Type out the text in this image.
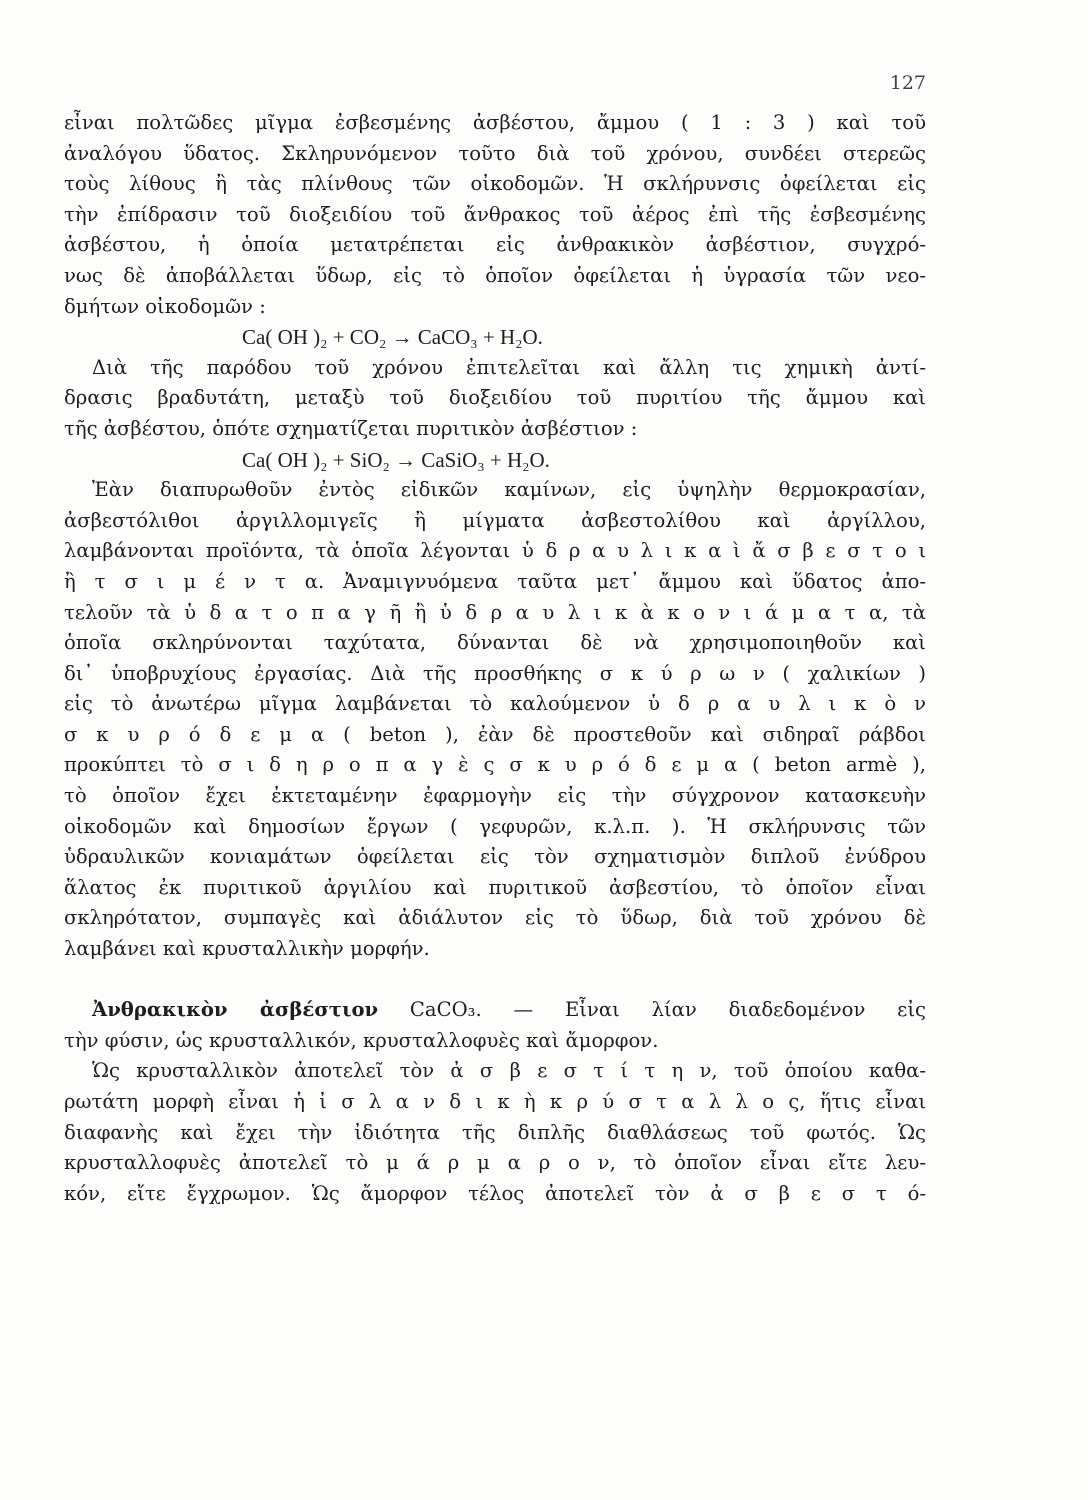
127
εἶναι πολτῶδες μῖγμα ἐσβεσμένης ἀσβέστου, ἄμμου ( 1 : 3 ) καὶ τοῦ
ἀναλόγου ὕδατος. Σκληρυνόμενον τοῦτο διὰ τοῦ χρόνου, συνδέει στερεῶς
τοὺς λίθους ἢ τὰς πλίνθους τῶν οἰκοδομῶν. Ἡ σκλήρυνσις ὀφείλεται εἰς
τὴν ἐπίδρασιν τοῦ διοξειδίου τοῦ ἄνθρακος τοῦ ἀέρος ἐπὶ τῆς ἐσβεσμένης
ἀσβέστου, ἡ ὁποία μετατρέπεται εἰς ἀνθρακικὸν ἀσβέστιον, συγχρό-
νως δὲ ἀποβάλλεται ὕδωρ, εἰς τὸ ὁποῖον ὀφείλεται ἡ ὑγρασία τῶν νεο-
δμήτων οἰκοδομῶν :
Ca( OH )₂ + CO₂ → CaCO₃ + H₂O.
Διὰ τῆς παρόδου τοῦ χρόνου ἐπιτελεῖται καὶ ἄλλη τις χημικὴ ἀντί-
δρασις βραδυτάτη, μεταξὺ τοῦ διοξειδίου τοῦ πυριτίου τῆς ἄμμου καὶ
τῆς ἀσβέστου, ὁπότε σχηματίζεται πυριτικὸν ἀσβέστιον :
Ca( OH )₂ + SiO₂ → CaSiO₃ + H₂O.
Ἐὰν διαπυρωθοῦν ἐντὸς εἰδικῶν καμίνων, εἰς ὑψηλὴν θερμοκρασίαν,
ἀσβεστόλιθοι ἀργιλλομιγεῖς ἢ μίγματα ἀσβεστολίθου καὶ ἀργίλλου,
λαμβάνονται προϊόντα, τὰ ὁποῖα λέγονται ὑ δ ρ α υ λ ι κ α ὶ ἄ σ β ε σ τ ο ι
ἢ τ σ ι μ έ ν τ α. Ἀναμιγνυόμενα ταῦτα μετ᾽ ἄμμου καὶ ὕδατος ἀπο-
τελοῦν τὰ ὑ δ α τ ο π α γ ῆ ἢ ὑ δ ρ α υ λ ι κ ὰ κ ο ν ι ά μ α τ α, τὰ
ὁποῖα σκληρύνονται ταχύτατα, δύνανται δὲ νὰ χρησιμοποιηθοῦν καὶ
δι᾽ ὑποβρυχίους ἐργασίας. Διὰ τῆς προσθήκης σ κ ύ ρ ω ν ( χαλικίων )
εἰς τὸ ἀνωτέρω μῖγμα λαμβάνεται τὸ καλούμενον ὑ δ ρ α υ λ ι κ ὸ ν
σ κ υ ρ ό δ ε μ α ( beton ), ἐὰν δὲ προστεθοῦν καὶ σιδηραῖ ράβδοι
προκύπτει τὸ σ ι δ η ρ ο π α γ ὲ ς σ κ υ ρ ό δ ε μ α ( beton armè ),
τὸ ὁποῖον ἔχει ἐκτεταμένην ἐφαρμογὴν εἰς τὴν σύγχρονον κατασκευὴν
οἰκοδομῶν καὶ δημοσίων ἔργων ( γεφυρῶν, κ.λ.π. ). Ἡ σκλήρυνσις τῶν
ὑδραυλικῶν κονιαμάτων ὀφείλεται εἰς τὸν σχηματισμὸν διπλοῦ ἐνύδρου
ἅλατος ἐκ πυριτικοῦ ἀργιλίου καὶ πυριτικοῦ ἀσβεστίου, τὸ ὁποῖον εἶναι
σκληρότατον, συμπαγὲς καὶ ἀδιάλυτον εἰς τὸ ὕδωρ, διὰ τοῦ χρόνου δὲ
λαμβάνει καὶ κρυσταλλικὴν μορφήν.
Ἀνθρακικὸν ἀσβέστιον CaCO₃. — Εἶναι λίαν διαδεδομένον εἰς
τὴν φύσιν, ὡς κρυσταλλικόν, κρυσταλλοφυὲς καὶ ἄμορφον.
Ὡς κρυσταλλικὸν ἀποτελεῖ τὸν ἀ σ β ε σ τ ί τ η ν, τοῦ ὁποίου καθα-
ρωτάτη μορφὴ εἶναι ἡ ἰ σ λ α ν δ ι κ ὴ κ ρ ύ σ τ α λ λ ο ς, ἥτις εἶναι
διαφανὴς καὶ ἔχει τὴν ἰδιότητα τῆς διπλῆς διαθλάσεως τοῦ φωτός. Ὡς
κρυσταλλοφυὲς ἀποτελεῖ τὸ μ ά ρ μ α ρ ο ν, τὸ ὁποῖον εἶναι εἴτε λευ-
κόν, εἴτε ἔγχρωμον. Ὡς ἄμορφον τέλος ἀποτελεῖ τὸν ἀ σ β ε σ τ ό-
